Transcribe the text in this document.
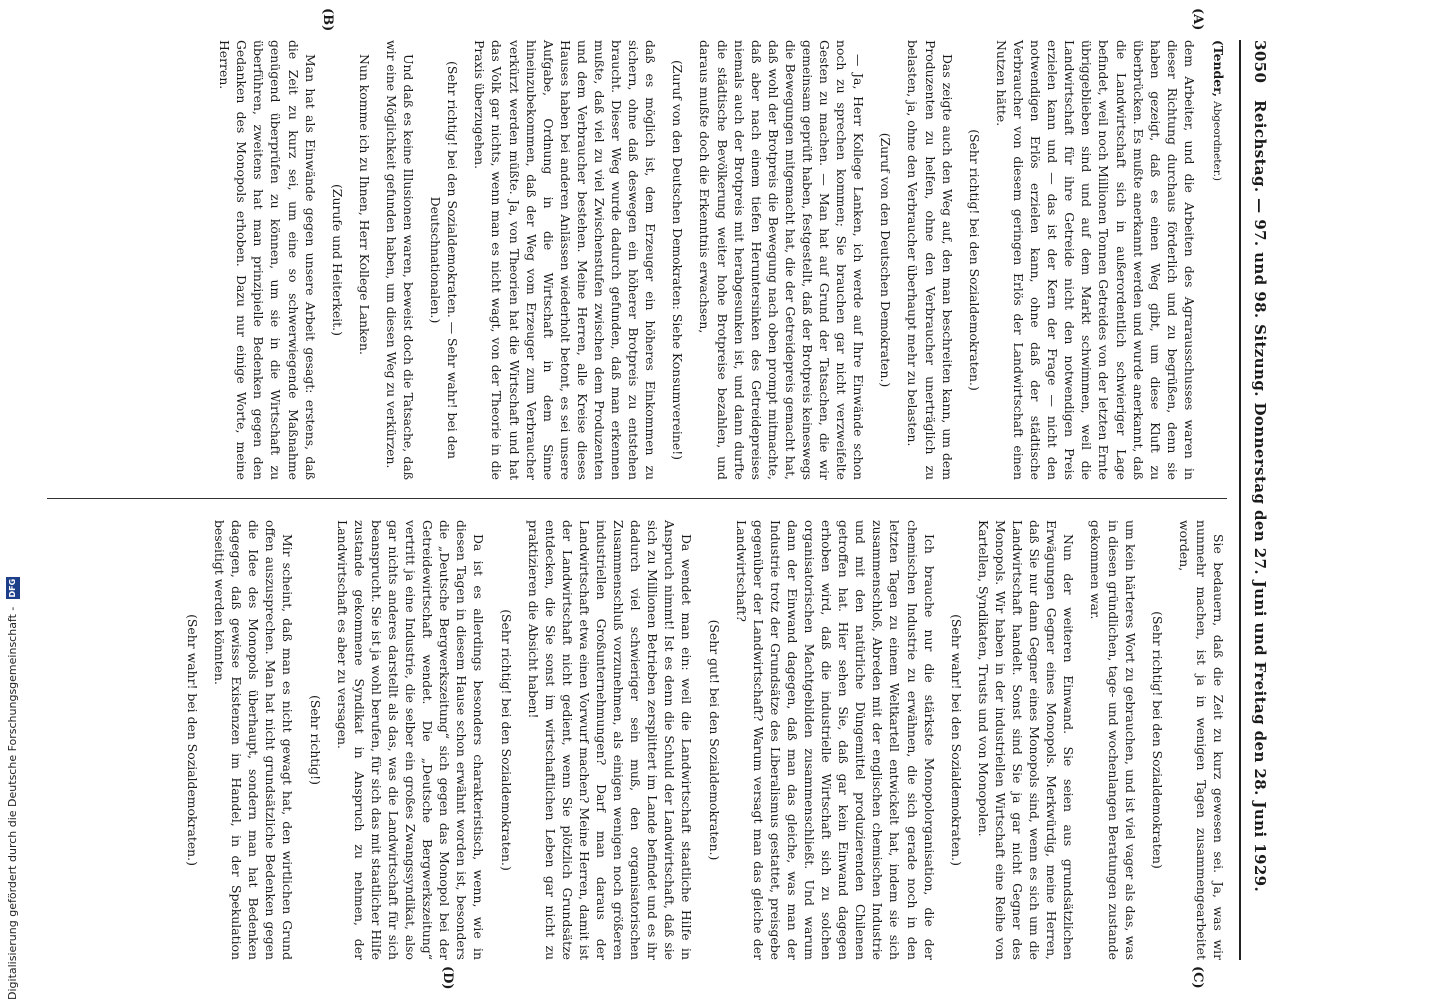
3050
Reichstag. — 97. und 98. Sitzung. Donnerstag den 27. Juni und Freitag den 28. Juni 1929.
(A)
(B)
(C)
(D)

(Tender, Abgeordneter.)

dem Arbeiter, und die Arbeiten des Agrarausschusses waren in dieser Richtung durchaus förderlich und zu begrüßen, denn sie haben gezeigt, daß es einen Weg gibt, um diese Kluft zu überbrücken. Es mußte anerkannt werden und wurde anerkannt, daß die Landwirtschaft sich in außerordentlich schwieriger Lage befindet, weil noch Millionen Tonnen Getreides von der letzten Ernte übriggeblieben sind und auf dem Markt schwimmen, weil die Landwirtschaft für ihre Getreide nicht den notwendigen Preis erzielen kann und — das ist der Kern der Frage — nicht den notwendigen Erlös erzielen kann, ohne daß der städtische Verbraucher von diesem geringen Erlös der Landwirtschaft einen Nutzen hätte.

(Sehr richtig! bei den Sozialdemokraten.)

Das zeigte auch den Weg auf, den man beschreiten kann, um dem Produzenten zu helfen, ohne den Verbraucher unerträglich zu belasten, ja, ohne den Verbraucher überhaupt mehr zu belasten.

(Zuruf von den Deutschen Demokraten.)

— Ja, Herr Kollege Lanken, ich werde auf Ihre Einwände schon noch zu sprechen kommen; Sie brauchen gar nicht verzweifelte Gesten zu machen. — Man hat auf Grund der Tatsachen, die wir gemeinsam geprüft haben, festgestellt, daß der Brotpreis keineswegs die Bewegungen mitgemacht hat, die der Getreidepreis gemacht hat, daß wohl der Brotpreis die Bewegung nach oben prompt mitmachte, daß aber nach einem tiefen Heruntersinken des Getreidepreises niemals auch der Brotpreis mit herabgesunken ist, und dann durfte die städtische Bevölkerung weiter hohe Brotpreise bezahlen, und daraus mußte doch die Erkenntnis erwachsen,

(Zuruf von den Deutschen Demokraten: Siehe Konsumvereine!)

daß es möglich ist, dem Erzeuger ein höheres Einkommen zu sichern, ohne daß deswegen ein höherer Brotpreis zu entstehen braucht. Dieser Weg wurde dadurch gefunden, daß man erkennen mußte, daß viel zu viel Zwischenstufen zwischen dem Produzenten und dem Verbraucher bestehen. Meine Herren, alle Kreise dieses Hauses haben bei anderen Anlässen wiederholt betont, es sei unsere Aufgabe, Ordnung in die Wirtschaft in dem Sinne hineinzubekommen, daß der Weg vom Erzeuger zum Verbraucher verkürzt werden müßte. Ja, von Theorien hat die Wirtschaft und hat das Volk gar nichts, wenn man es nicht wagt, von der Theorie in die Praxis überzugehen.

(Sehr richtig! bei den Sozialdemokraten. — Sehr wahr! bei den Deutschnationalen.)

Und daß es keine Illusionen waren, beweist doch die Tatsache, daß wir eine Möglichkeit gefunden haben, um diesen Weg zu verkürzen.

Nun komme ich zu Ihnen, Herr Kollege Lanken.

(Zurufe und Heiterkeit.)

Man hat als Einwände gegen unsere Arbeit gesagt: erstens, daß die Zeit zu kurz sei, um eine so schwerwiegende Maßnahme genügend überprüfen zu können, um sie in die Wirtschaft zu überführen, zweitens hat man prinzipielle Bedenken gegen den Gedanken des Monopols erhoben. Dazu nur einige Worte, meine Herren.

Sie bedauern, daß die Zeit zu kurz gewesen sei. Ja, was wir nunmehr machen, ist ja in wenigen Tagen zusammengearbeitet worden,

(Sehr richtig! bei den Sozialdemokraten)

um kein härteres Wort zu gebrauchen, und ist viel vager als das, was in diesen gründlichen, tage- und wochenlangen Beratungen zustande gekommen war.

Nun der weiteren Einwand. Sie seien aus grundsätzlichen Erwägungen Gegner eines Monopols. Merkwürdig, meine Herren, daß Sie nur dann Gegner eines Monopols sind, wenn es sich um die Landwirtschaft handelt. Sonst sind Sie ja gar nicht Gegner des Monopols. Wir haben in der industriellen Wirtschaft eine Reihe von Kartellen, Syndikaten, Trusts und von Monopolen.

(Sehr wahr! bei den Sozialdemokraten.)

Ich brauche nur die stärkste Monopolorganisation, die der chemischen Industrie zu erwähnen, die sich gerade noch in den letzten Tagen zu einem Weltkartell entwickelt hat, indem sie sich zusammenschloß, Abreden mit der englischen chemischen Industrie und mit den natürliche Düngemittel produzierenden Chilenen getroffen hat. Hier sehen Sie, daß gar kein Einwand dagegen erhoben wird, daß die industrielle Wirtschaft sich zu solchen organisatorischen Machtgebilden zusammenschließt. Und warum dann der Einwand dagegen, daß man das gleiche, was man der Industrie trotz der Grundsätze des Liberalismus gestattet, preisgebe gegenüber der Landwirtschaft? Warum versagt man das gleiche der Landwirtschaft?

(Sehr gut! bei den Sozialdemokraten.)

Da wendet man ein: weil die Landwirtschaft staatliche Hilfe in Anspruch nimmt! Ist es denn die Schuld der Landwirtschaft, daß sie sich zu Millionen Betrieben zersplittert im Lande befindet und es ihr dadurch viel schwieriger sein muß, den organisatorischen Zusammenschluß vorzunehmen, als einigen wenigen noch größeren industriellen Großunternehmungen? Darf man daraus der Landwirtschaft etwa einen Vorwurf machen? Meine Herren, damit ist der Landwirtschaft nicht gedient, wenn Sie plötzlich Grundsätze entdecken, die Sie sonst im wirtschaftlichen Leben gar nicht zu praktizieren die Absicht haben!

(Sehr richtig! bei den Sozialdemokraten.)

Da ist es allerdings besonders charakteristisch, wenn, wie in diesen Tagen in diesem Hause schon erwähnt worden ist, besonders die „Deutsche Bergwerkszeitung“ sich gegen das Monopol bei der Getreidewirtschaft wendet. Die „Deutsche Bergwerkszeitung“ vertritt ja eine Industrie, die selber ein großes Zwangssyndikat, also gar nichts anderes darstellt als das, was die Landwirtschaft für sich beansprucht. Sie ist ja wohl berufen, für sich das mit staatlicher Hilfe zustande gekommene Syndikat in Anspruch zu nehmen, der Landwirtschaft es aber zu versagen.

(Sehr richtig!)

Mir scheint, daß man es nicht gewagt hat, den wirtlichen Grund offen auszusprechen. Man hat nicht grundsätzliche Bedenken gegen die Idee des Monopols überhaupt, sondern man hat Bedenken dagegen, daß gewisse Existenzen im Handel, in der Spekulation beseitigt werden könnten.

(Sehr wahr! bei den Sozialdemokraten.)

Digitalisierung gefördert durch die Deutsche Forschungsgemeinschaft - DFG
